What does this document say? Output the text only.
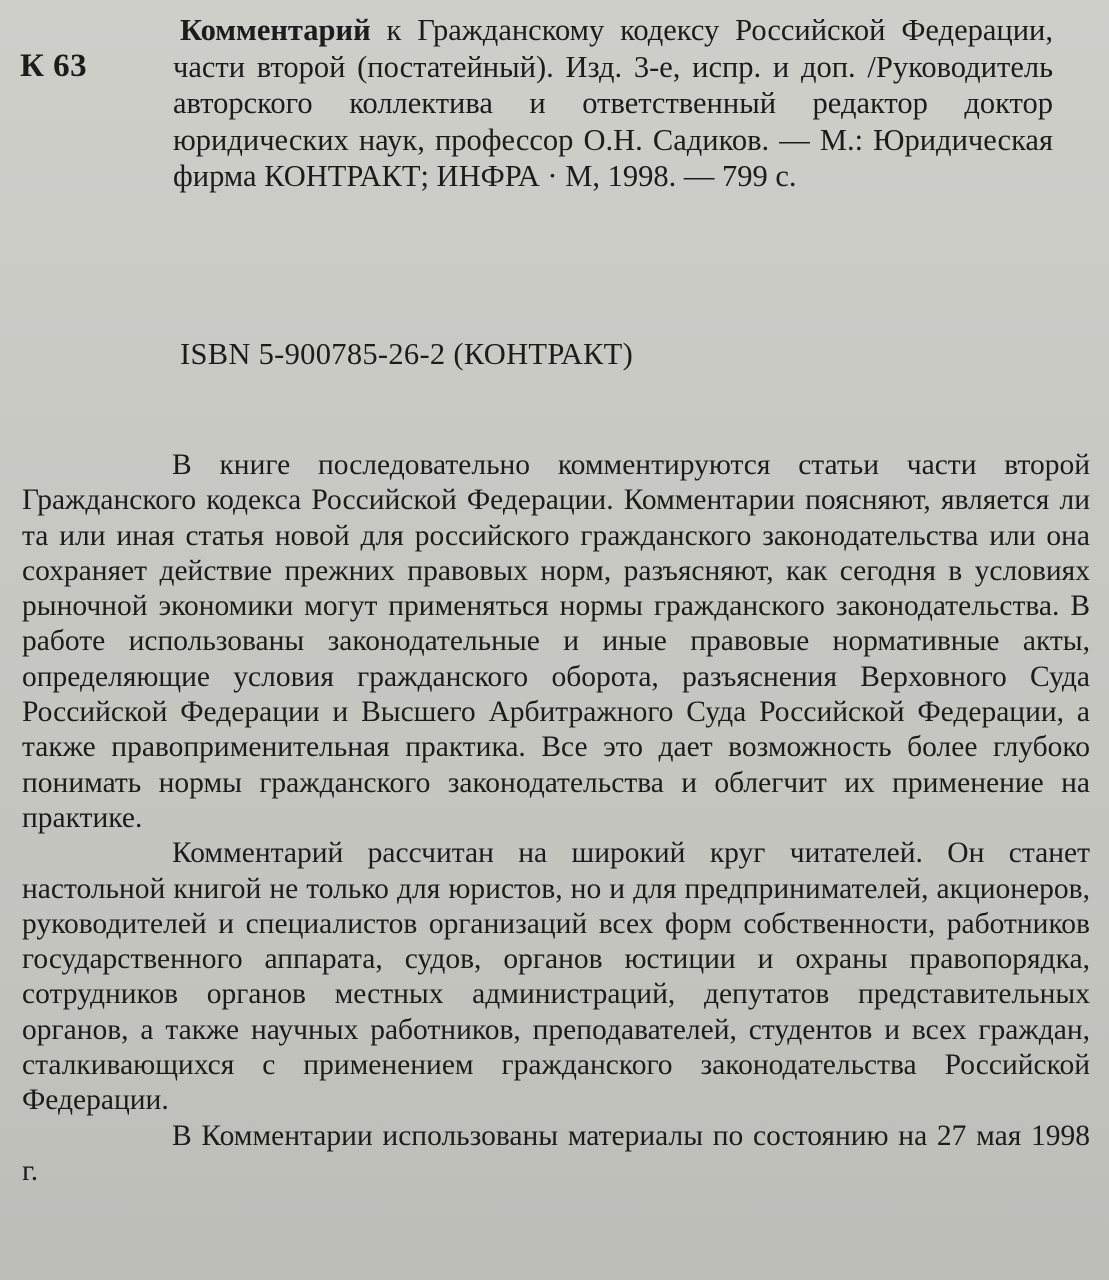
К 63
Комментарий к Гражданскому кодексу Российской Федерации, части второй (постатейный). Изд. 3-е, испр. и доп. /Руководитель авторского коллектива и ответственный редактор доктор юридических наук, профессор О.Н. Садиков. — М.: Юридическая фирма КОНТРАКТ; ИНФРА · М, 1998. — 799 с.
ISBN 5-900785-26-2 (КОНТРАКТ)

В книге последовательно комментируются статьи части второй Гражданского кодекса Российской Федерации. Комментарии поясняют, является ли та или иная статья новой для российского гражданского законодательства или она сохраняет действие прежних правовых норм, разъясняют, как сегодня в условиях рыночной экономики могут применяться нормы гражданского законодательства. В работе использованы законодательные и иные правовые нормативные акты, определяющие условия гражданского оборота, разъяснения Верховного Суда Российской Федерации и Высшего Арбитражного Суда Российской Федерации, а также правоприменительная практика. Все это дает возможность более глубоко понимать нормы гражданского законодательства и облегчит их применение на практике.

Комментарий рассчитан на широкий круг читателей. Он станет настольной книгой не только для юристов, но и для предпринимателей, акционеров, руководителей и специалистов организаций всех форм собственности, работников государственного аппарата, судов, органов юстиции и охраны правопорядка, сотрудников органов местных администраций, депутатов представительных органов, а также научных работников, преподавателей, студентов и всех граждан, сталкивающихся с применением гражданского законодательства Российской Федерации.

В Комментарии использованы материалы по состоянию на 27 мая 1998 г.
